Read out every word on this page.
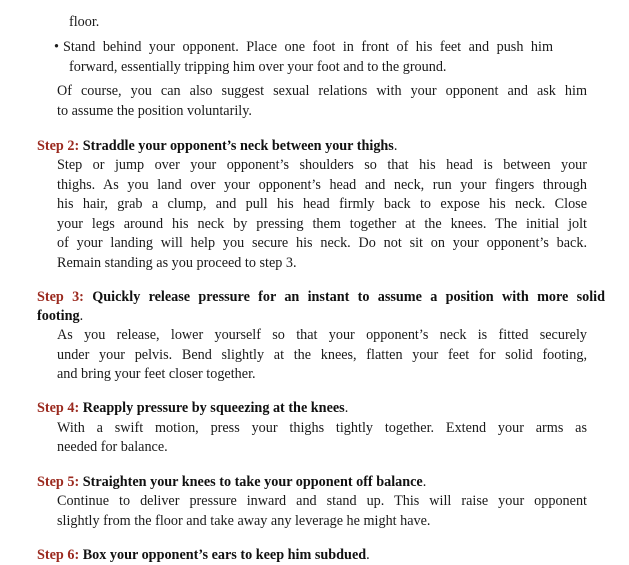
floor.
• Stand behind your opponent. Place one foot in front of his feet and push him
forward, essentially tripping him over your foot and to the ground.
Of course, you can also suggest sexual relations with your opponent and ask him
to assume the position voluntarily.
Step 2: Straddle your opponent’s neck between your thighs.
Step or jump over your opponent’s shoulders so that his head is between your
thighs. As you land over your opponent’s head and neck, run your fingers through
his hair, grab a clump, and pull his head firmly back to expose his neck. Close
your legs around his neck by pressing them together at the knees. The initial jolt
of your landing will help you secure his neck. Do not sit on your opponent’s back.
Remain standing as you proceed to step 3.
Step 3: Quickly release pressure for an instant to assume a position with more solid
footing.
As you release, lower yourself so that your opponent’s neck is fitted securely
under your pelvis. Bend slightly at the knees, flatten your feet for solid footing,
and bring your feet closer together.
Step 4: Reapply pressure by squeezing at the knees.
With a swift motion, press your thighs tightly together. Extend your arms as
needed for balance.
Step 5: Straighten your knees to take your opponent off balance.
Continue to deliver pressure inward and stand up. This will raise your opponent
slightly from the floor and take away any leverage he might have.
Step 6: Box your opponent’s ears to keep him subdued.
